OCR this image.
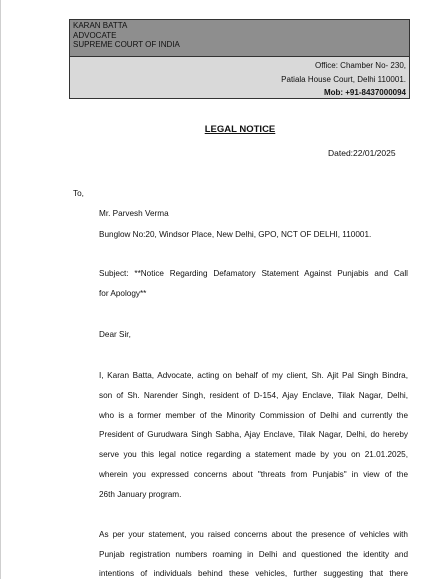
KARAN BATTA
ADVOCATE
SUPREME COURT OF INDIA
Office: Chamber No- 230,
Patiala House Court, Delhi 110001.
Mob: +91-8437000094
LEGAL NOTICE
Dated:22/01/2025
To,
Mr. Parvesh Verma
Bunglow No:20, Windsor Place, New Delhi, GPO, NCT OF DELHI, 110001.
Subject: **Notice Regarding Defamatory Statement Against Punjabis and Call
for Apology**
Dear Sir,
I, Karan Batta, Advocate, acting on behalf of my client, Sh. Ajit Pal Singh Bindra,
son of Sh. Narender Singh, resident of D-154, Ajay Enclave, Tilak Nagar, Delhi,
who is a former member of the Minority Commission of Delhi and currently the
President of Gurudwara Singh Sabha, Ajay Enclave, Tilak Nagar, Delhi, do hereby
serve you this legal notice regarding a statement made by you on 21.01.2025,
wherein you expressed concerns about "threats from Punjabis" in view of the
26th January program.
As per your statement, you raised concerns about the presence of vehicles with
Punjab registration numbers roaming in Delhi and questioned the identity and
intentions of individuals behind these vehicles, further suggesting that there
